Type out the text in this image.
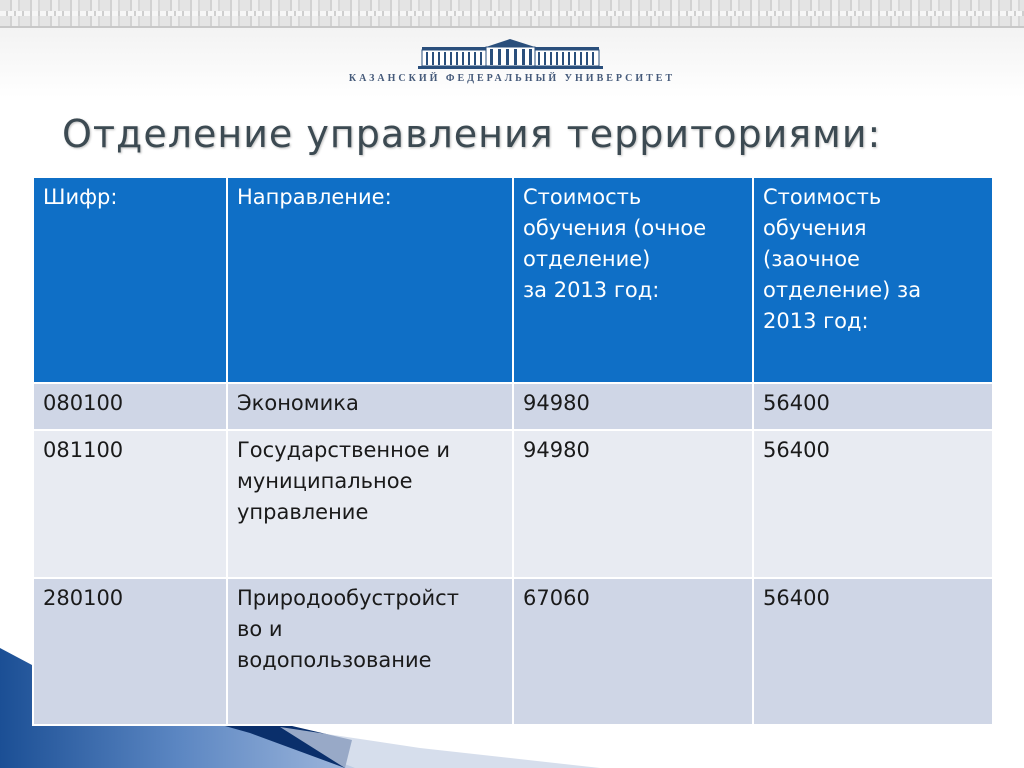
КАЗАНСКИЙ ФЕДЕРАЛЬНЫЙ УНИВЕРСИТЕТ
Отделение управления территориями:
Шифр:	Направление:	Стоимость
обучения (очное
отделение)
за 2013 год:	Стоимость
обучения
(заочное
отделение) за
2013 год:
080100	Экономика	94980	56400
081100	Государственное и
муниципальное
управление	94980	56400
280100	Природообустройст
во и
водопользование	67060	56400
